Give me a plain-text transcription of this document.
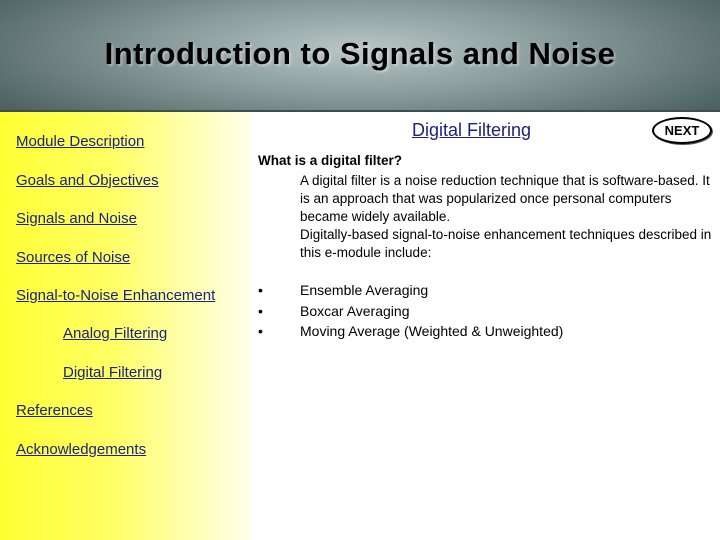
Introduction to Signals and Noise
Module Description
Goals and Objectives
Signals and Noise
Sources of Noise
Signal-to-Noise Enhancement
Analog Filtering
Digital Filtering
References
Acknowledgements
Digital Filtering	NEXT
What is a digital filter?

A digital filter is a noise reduction technique that is software-based. It is an approach that was popularized once personal computers became widely available.

Digitally-based signal-to-noise enhancement techniques described in this e-module include:

•	Ensemble Averaging
•	Boxcar Averaging
•	Moving Average (Weighted & Unweighted)
